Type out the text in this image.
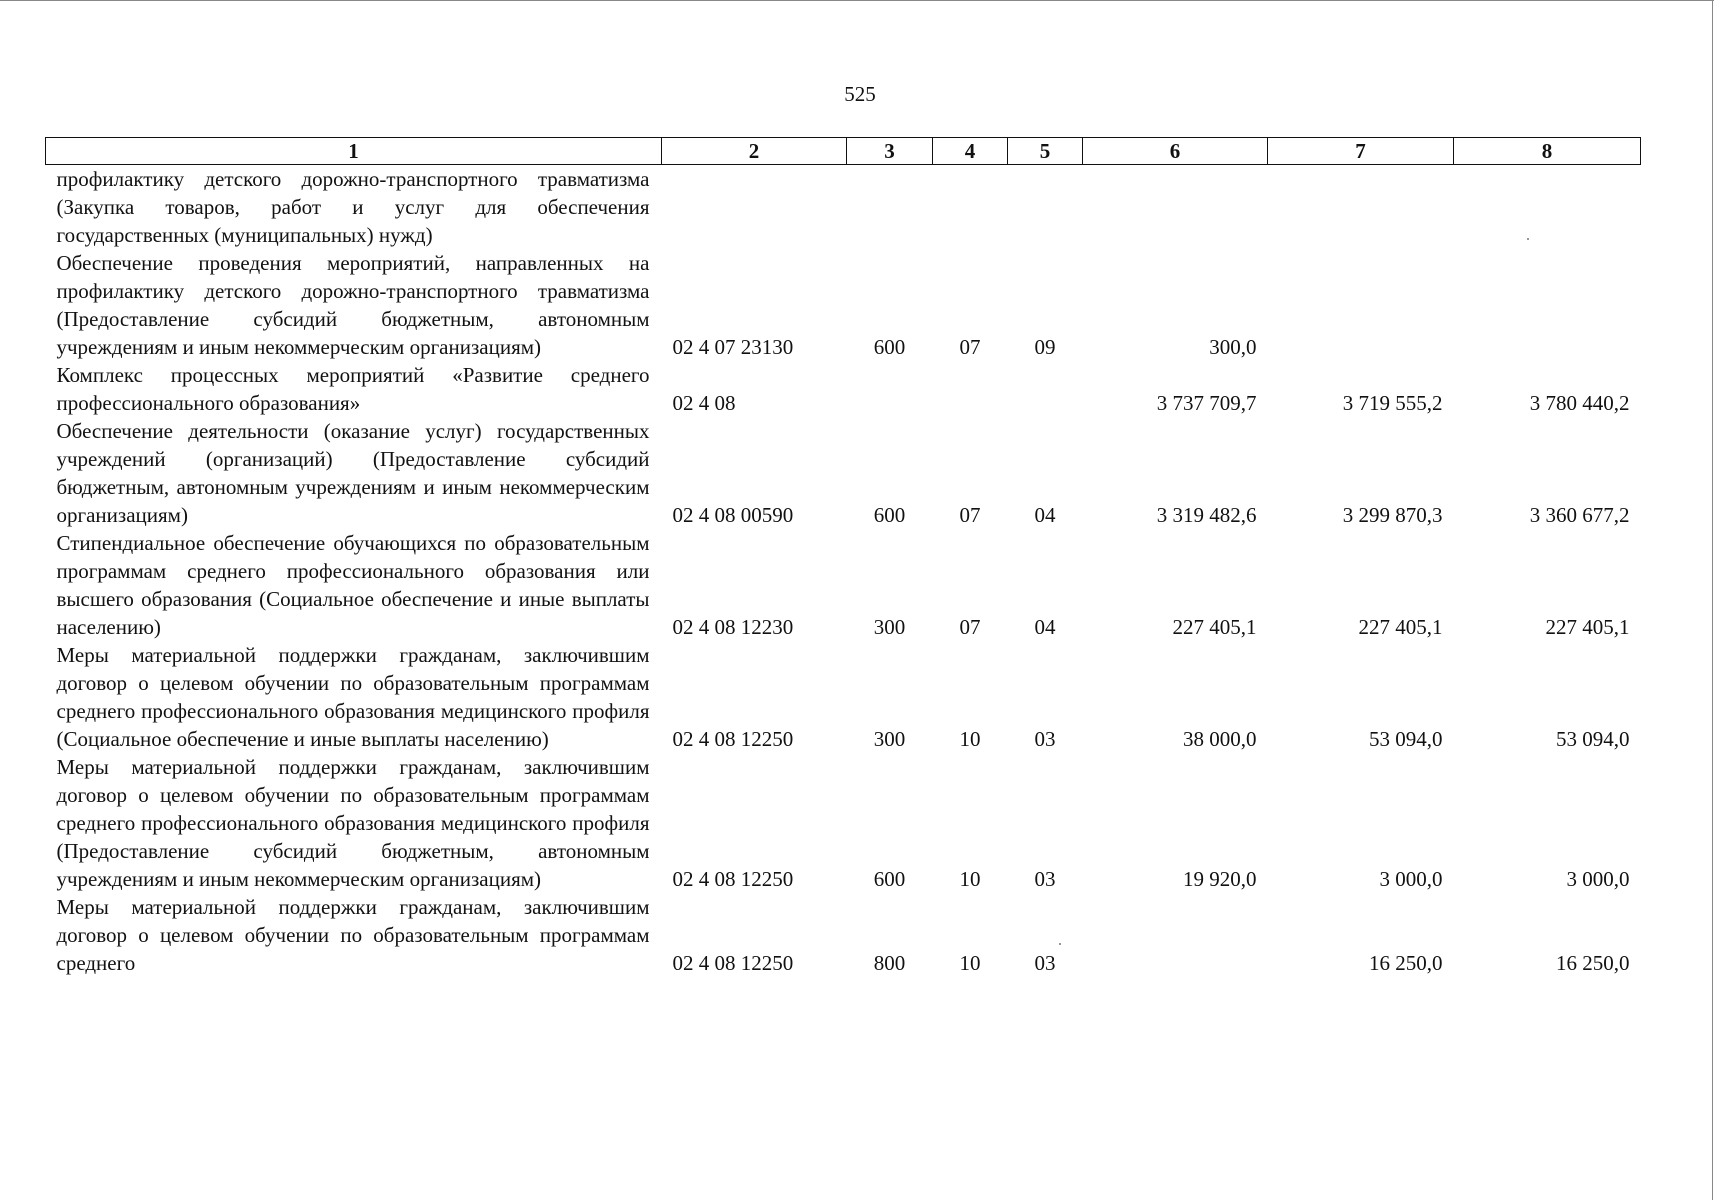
525
1	2	3	4	5	6	7	8
профилактику детского дорожно-транспортного травматизма (Закупка товаров, работ и услуг для обеспечения государственных (муниципальных) нужд)							
Обеспечение проведения мероприятий, направленных на профилактику детского дорожно-транспортного травматизма (Предоставление субсидий бюджетным, автономным учреждениям и иным некоммерческим организациям)	02 4 07 23130	600	07	09	300,0		
Комплекс процессных мероприятий «Развитие среднего профессионального образования»	02 4 08				3 737 709,7	3 719 555,2	3 780 440,2
Обеспечение деятельности (оказание услуг) государственных учреждений (организаций) (Предоставление субсидий бюджетным, автономным учреждениям и иным некоммерческим организациям)	02 4 08 00590	600	07	04	3 319 482,6	3 299 870,3	3 360 677,2
Стипендиальное обеспечение обучающихся по образовательным программам среднего профессионального образования или высшего образования (Социальное обеспечение и иные выплаты населению)	02 4 08 12230	300	07	04	227 405,1	227 405,1	227 405,1
Меры материальной поддержки гражданам, заключившим договор о целевом обучении по образовательным программам среднего профессионального образования медицинского профиля (Социальное обеспечение и иные выплаты населению)	02 4 08 12250	300	10	03	38 000,0	53 094,0	53 094,0
Меры материальной поддержки гражданам, заключившим договор о целевом обучении по образовательным программам среднего профессионального образования медицинского профиля (Предоставление субсидий бюджетным, автономным учреждениям и иным некоммерческим организациям)	02 4 08 12250	600	10	03	19 920,0	3 000,0	3 000,0
Меры материальной поддержки гражданам, заключившим договор о целевом обучении по образовательным программам среднего	02 4 08 12250	800	10	03		16 250,0	16 250,0
